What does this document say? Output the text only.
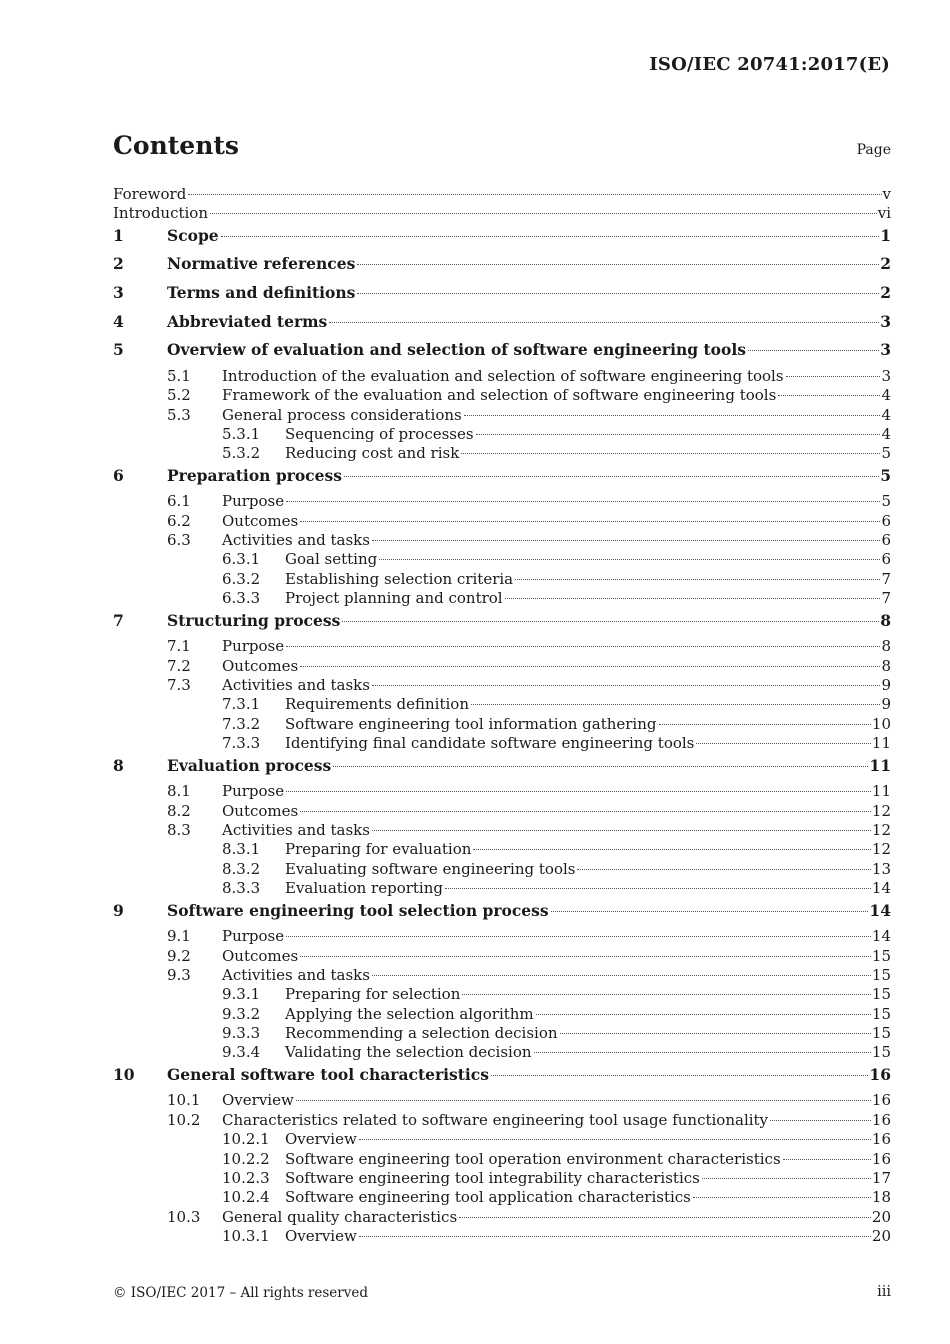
ISO/IEC 20741:2017(E)
Contents	Page
Foreword	v
Introduction	vi
1	Scope	1
2	Normative references	2
3	Terms and definitions	2
4	Abbreviated terms	3
5	Overview of evaluation and selection of software engineering tools	3
5.1 Introduction of the evaluation and selection of software engineering tools	3
5.2 Framework of the evaluation and selection of software engineering tools	4
5.3 General process considerations	4
5.3.1 Sequencing of processes	4
5.3.2 Reducing cost and risk	5
6	Preparation process	5
6.1 Purpose	5
6.2 Outcomes	6
6.3 Activities and tasks	6
6.3.1 Goal setting	6
6.3.2 Establishing selection criteria	7
6.3.3 Project planning and control	7
7	Structuring process	8
7.1 Purpose	8
7.2 Outcomes	8
7.3 Activities and tasks	9
7.3.1 Requirements definition	9
7.3.2 Software engineering tool information gathering	10
7.3.3 Identifying final candidate software engineering tools	11
8	Evaluation process	11
8.1 Purpose	11
8.2 Outcomes	12
8.3 Activities and tasks	12
8.3.1 Preparing for evaluation	12
8.3.2 Evaluating software engineering tools	13
8.3.3 Evaluation reporting	14
9	Software engineering tool selection process	14
9.1 Purpose	14
9.2 Outcomes	15
9.3 Activities and tasks	15
9.3.1 Preparing for selection	15
9.3.2 Applying the selection algorithm	15
9.3.3 Recommending a selection decision	15
9.3.4 Validating the selection decision	15
10 General software tool characteristics	16
10.1 Overview	16
10.2 Characteristics related to software engineering tool usage functionality	16
10.2.1 Overview	16
10.2.2 Software engineering tool operation environment characteristics	16
10.2.3 Software engineering tool integrability characteristics	17
10.2.4 Software engineering tool application characteristics	18
10.3 General quality characteristics	20
10.3.1 Overview	20
© ISO/IEC 2017 – All rights reserved	iii
